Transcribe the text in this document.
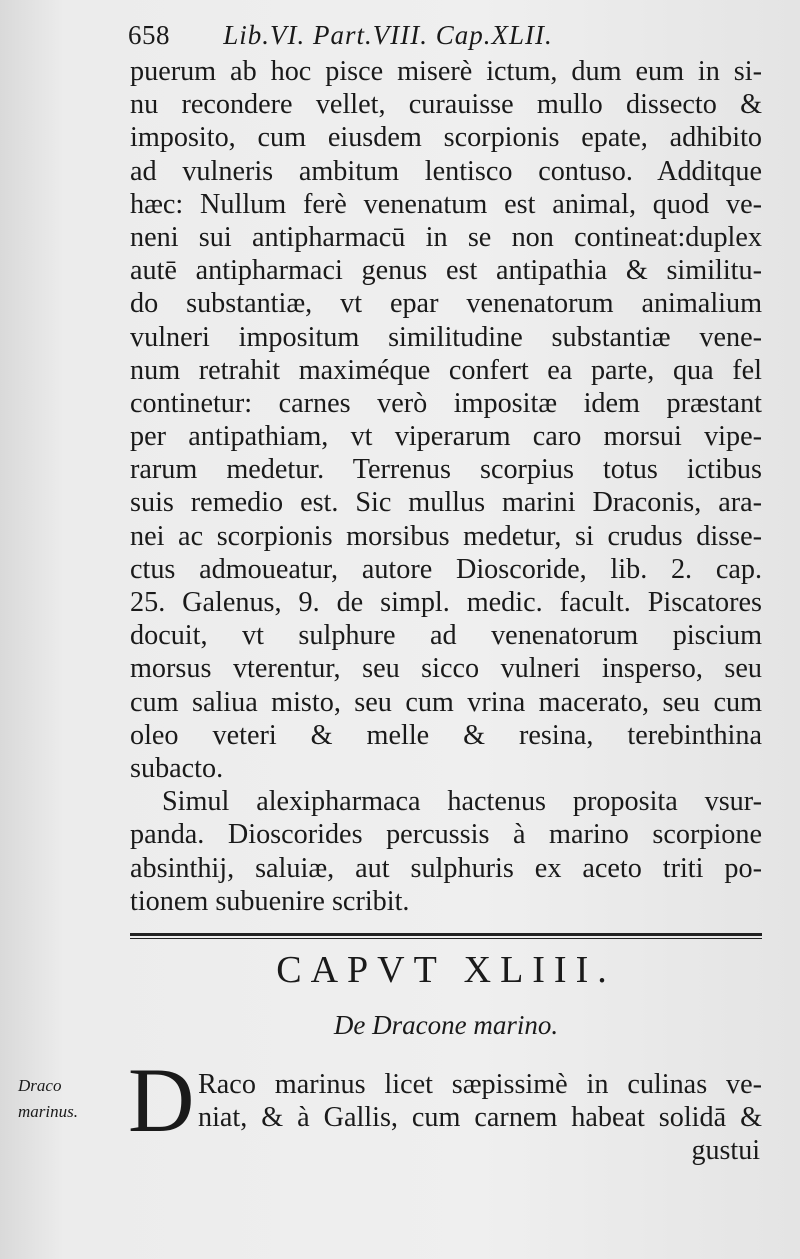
658 Lib.VI. Part.VIII. Cap.XLII.
puerum ab hoc pisce miserè ictum, dum eum in si-
nu recondere vellet, curauisse mullo dissecto &
imposito, cum eiusdem scorpionis epate, adhibito
ad vulneris ambitum lentisco contuso. Additque
hæc: Nullum ferè venenatum est animal, quod ve-
neni sui antipharmacū in se non contineat:duplex
autē antipharmaci genus est antipathia & similitu-
do substantiæ, vt epar venenatorum animalium
vulneri impositum similitudine substantiæ vene-
num retrahit maximéque confert ea parte, qua fel
continetur: carnes verò impositæ idem præstant
per antipathiam, vt viperarum caro morsui vipe-
rarum medetur. Terrenus scorpius totus ictibus
suis remedio est. Sic mullus marini Draconis, ara-
nei ac scorpionis morsibus medetur, si crudus disse-
ctus admoueatur, autore Dioscoride, lib. 2. cap.
25. Galenus, 9. de simpl. medic. facult. Piscatores
docuit, vt sulphure ad venenatorum piscium
morsus vterentur, seu sicco vulneri insperso, seu
cum saliua misto, seu cum vrina macerato, seu cum
oleo veteri & melle & resina, terebinthina
subacto.
Simul alexipharmaca hactenus proposita vsur-
panda. Dioscorides percussis à marino scorpione
absinthij, saluiæ, aut sulphuris ex aceto triti po-
tionem subuenire scribit.
CAPVT XLIII.
De Dracone marino.
Draco
marinus. D Raco marinus licet sæpissimè in culinas ve-
niat, & à Gallis, cum carnem habeat solidā &
gustui
